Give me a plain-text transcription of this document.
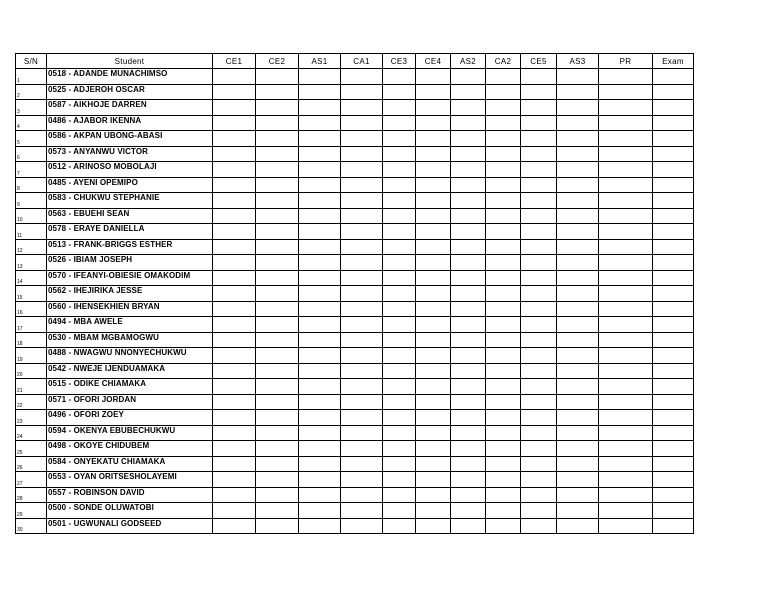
S/N	Student	CE1	CE2	AS1	CA1	CE3	CE4	AS2	CA2	CE5	AS3	PR	Exam
1	0518 - ADANDE MUNACHIMSO												
2	0525 - ADJEROH OSCAR												
3	0587 - AIKHOJE DARREN												
4	0486 - AJABOR IKENNA												
5	0586 - AKPAN UBONG-ABASI												
6	0573 - ANYANWU VICTOR												
7	0512 - ARINOSO MOBOLAJI												
8	0485 - AYENI OPEMIPO												
9	0583 - CHUKWU STEPHANIE												
10	0563 - EBUEHI SEAN												
11	0578 - ERAYE DANIELLA												
12	0513 - FRANK-BRIGGS ESTHER												
13	0526 - IBIAM JOSEPH												
14	0570 - IFEANYI-OBIESIE OMAKODIM												
15	0562 - IHEJIRIKA JESSE												
16	0560 - IHENSEKHIEN BRYAN												
17	0494 - MBA AWELE												
18	0530 - MBAM MGBAMOGWU												
19	0488 - NWAGWU NNONYECHUKWU												
20	0542 - NWEJE IJENDUAMAKA												
21	0515 - ODIKE CHIAMAKA												
22	0571 - OFORI JORDAN												
23	0496 - OFORI ZOEY												
24	0594 - OKENYA EBUBECHUKWU												
25	0498 - OKOYE CHIDUBEM												
26	0584 - ONYEKATU CHIAMAKA												
27	0553 - OYAN ORITSESHOLAYEMI												
28	0557 - ROBINSON DAVID												
29	0500 - SONDE OLUWATOBI												
30	0501 - UGWUNALI GODSEED												
